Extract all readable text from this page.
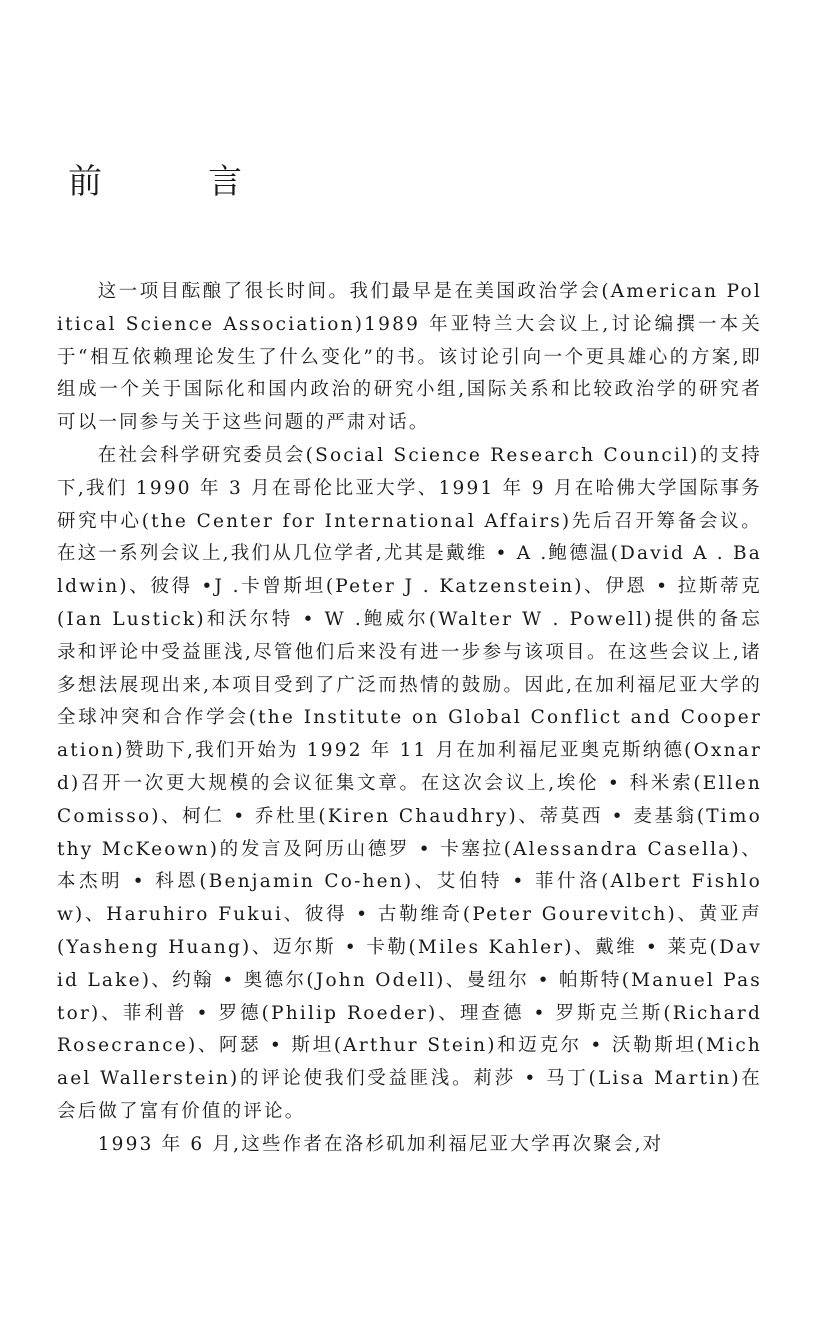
前　言

这一项目酝酿了很长时间。我们最早是在美国政治学会(American Political Science Association)1989 年亚特兰大会议上,讨论编撰一本关于“相互依赖理论发生了什么变化”的书。该讨论引向一个更具雄心的方案,即组成一个关于国际化和国内政治的研究小组,国际关系和比较政治学的研究者可以一同参与关于这些问题的严肃对话。

在社会科学研究委员会(Social Science Research Council)的支持下,我们 1990 年 3 月在哥伦比亚大学、1991 年 9 月在哈佛大学国际事务研究中心(the Center for International Affairs)先后召开筹备会议。在这一系列会议上,我们从几位学者,尤其是戴维 • A .鲍德温(David A . Baldwin)、彼得 •J .卡曾斯坦(Peter J . Katzenstein)、伊恩 • 拉斯蒂克(Ian Lustick)和沃尔特 • W .鲍威尔(Walter W . Powell)提供的备忘录和评论中受益匪浅,尽管他们后来没有进一步参与该项目。在这些会议上,诸多想法展现出来,本项目受到了广泛而热情的鼓励。因此,在加利福尼亚大学的全球冲突和合作学会(the Institute on Global Conflict and Cooperation)赞助下,我们开始为 1992 年 11 月在加利福尼亚奥克斯纳德(Oxnard)召开一次更大规模的会议征集文章。在这次会议上,埃伦 • 科米索(Ellen Comisso)、柯仁 • 乔杜里(Kiren Chaudhry)、蒂莫西 • 麦基翁(Timothy McKeown)的发言及阿历山德罗 • 卡塞拉(Alessandra Casella)、本杰明 • 科恩(Benjamin Co-hen)、艾伯特 • 菲什洛(Albert Fishlow)、Haruhiro Fukui、彼得 • 古勒维奇(Peter Gourevitch)、黄亚声(Yasheng Huang)、迈尔斯 • 卡勒(Miles Kahler)、戴维 • 莱克(David Lake)、约翰 • 奥德尔(John Odell)、曼纽尔 • 帕斯特(Manuel Pastor)、菲利普 • 罗德(Philip Roeder)、理查德 • 罗斯克兰斯(Richard Rosecrance)、阿瑟 • 斯坦(Arthur Stein)和迈克尔 • 沃勒斯坦(Michael Wallerstein)的评论使我们受益匪浅。莉莎 • 马丁(Lisa Martin)在会后做了富有价值的评论。

1993 年 6 月,这些作者在洛杉矶加利福尼亚大学再次聚会,对
